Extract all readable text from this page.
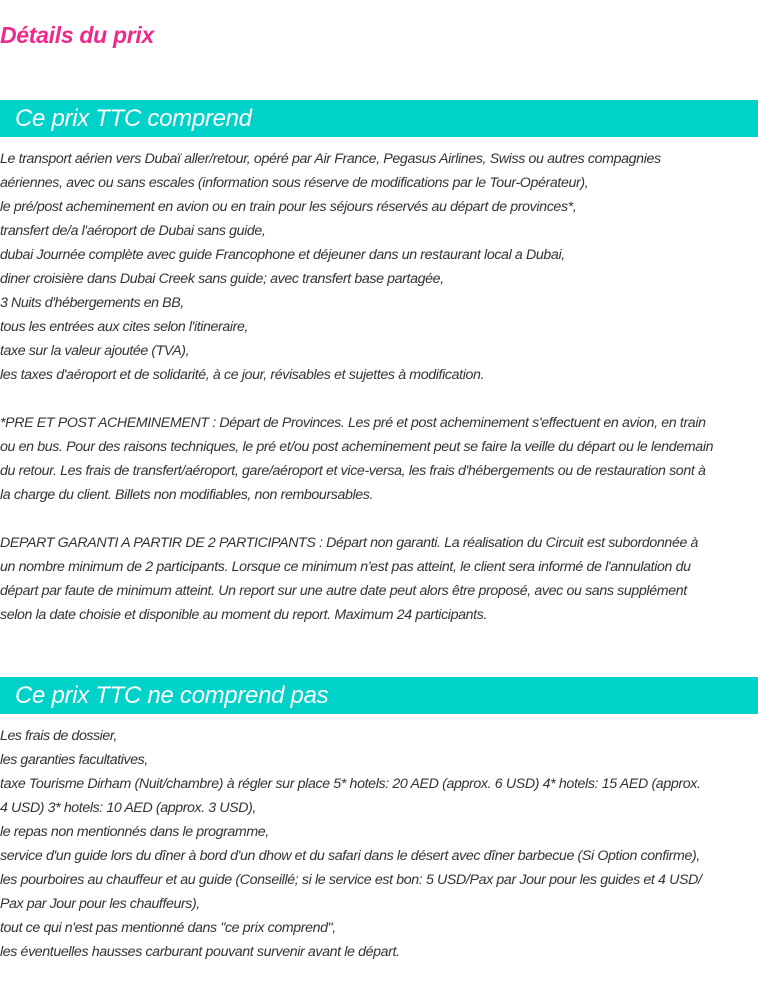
Détails du prix
Ce prix TTC comprend
Le transport aérien vers Dubaï aller/retour, opéré par Air France, Pegasus Airlines, Swiss ou autres compagnies
aériennes, avec ou sans escales (information sous réserve de modifications par le Tour-Opérateur),
le pré/post acheminement en avion ou en train pour les séjours réservés au départ de provinces*,
transfert de/a l'aéroport de Dubai sans guide,
dubai Journée complète avec guide Francophone et déjeuner dans un restaurant local a Dubai,
diner croisière dans Dubai Creek sans guide; avec transfert base partagée,
3 Nuits d'hébergements en BB,
tous les entrées aux cites selon l'itineraire,
taxe sur la valeur ajoutée (TVA),
les taxes d'aéroport et de solidarité, à ce jour, révisables et sujettes à modification.
*PRE ET POST ACHEMINEMENT : Départ de Provinces. Les pré et post acheminement s'effectuent en avion, en train
ou en bus. Pour des raisons techniques, le pré et/ou post acheminement peut se faire la veille du départ ou le lendemain
du retour. Les frais de transfert/aéroport, gare/aéroport et vice-versa, les frais d'hébergements ou de restauration sont à
la charge du client. Billets non modifiables, non remboursables.
DEPART GARANTI A PARTIR DE 2 PARTICIPANTS : Départ non garanti. La réalisation du Circuit est subordonnée à
un nombre minimum de 2 participants. Lorsque ce minimum n'est pas atteint, le client sera informé de l'annulation du
départ par faute de minimum atteint. Un report sur une autre date peut alors être proposé, avec ou sans supplément
selon la date choisie et disponible au moment du report. Maximum 24 participants.
Ce prix TTC ne comprend pas
Les frais de dossier,
les garanties facultatives,
taxe Tourisme Dirham (Nuit/chambre) à régler sur place 5* hotels: 20 AED (approx. 6 USD) 4* hotels: 15 AED (approx.
4 USD) 3* hotels: 10 AED (approx. 3 USD),
le repas non mentionnés dans le programme,
service d'un guide lors du dîner à bord d'un dhow et du safari dans le désert avec dîner barbecue (Si Option confirme),
les pourboires au chauffeur et au guide (Conseillé; si le service est bon: 5 USD/Pax par Jour pour les guides et 4 USD/
Pax par Jour pour les chauffeurs),
tout ce qui n'est pas mentionné dans "ce prix comprend",
les éventuelles hausses carburant pouvant survenir avant le départ.
